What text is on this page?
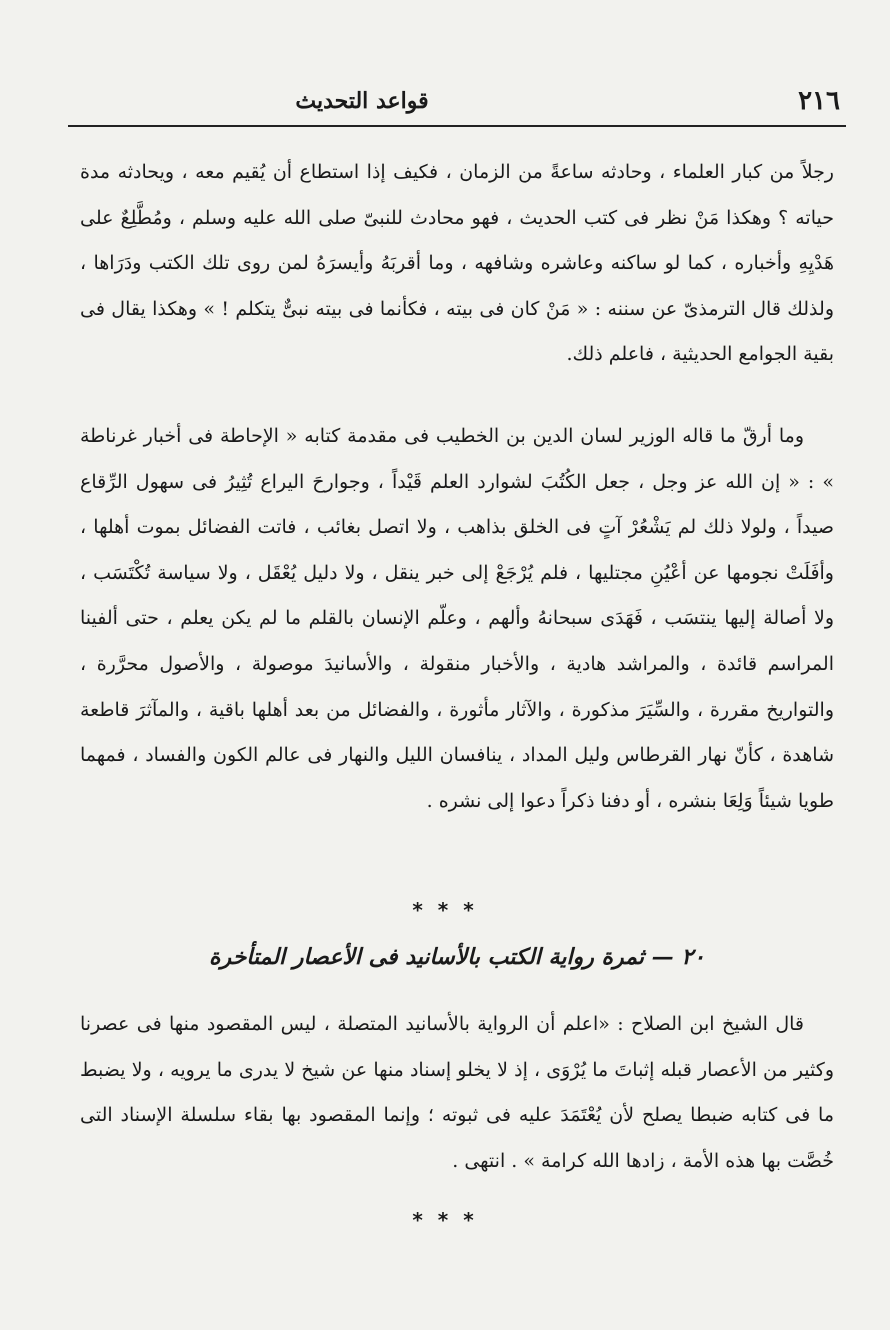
٢١٦
قواعد التحديث

رجلاً من كبار العلماء ، وحادثه ساعةً من الزمان ، فكيف إذا استطاع أن يُقيم معه ، ويحادثه مدة حياته ؟ وهكذا مَنْ نظر فى كتب الحديث ، فهو محادث للنبىّ صلى الله عليه وسلم ، ومُطَّلِعٌ على هَدْيِهِ وأخباره ، كما لو ساكنه وعاشره وشافهه ، وما أقربَهُ وأيسرَهُ لمن روى تلك الكتب ودَرَاها ، ولذلك قال الترمذىّ عن سننه : « مَنْ كان فى بيته ، فكأنما فى بيته نبىٌّ يتكلم ! » وهكذا يقال فى بقية الجوامع الحديثية ، فاعلم ذلك.

وما أرقّ ما قاله الوزير لسان الدين بن الخطيب فى مقدمة كتابه « الإحاطة فى أخبار غرناطة » : « إن الله عز وجل ، جعل الكُتُبَ لشوارد العلم قَيْداً ، وجوارحَ اليراع تُثِيرُ فى سهول الرِّقاع صيداً ، ولولا ذلك لم يَشْعُرْ آتٍ فى الخلق بذاهب ، ولا اتصل بغائب ، فاتت الفضائل بموت أهلها ، وأفَلَتْ نجومها عن أعْيُنِ مجتليها ، فلم يُرْجَعْ إلى خبر ينقل ، ولا دليل يُعْقَل ، ولا سياسة تُكْتَسَب ، ولا أصالة إليها ينتسَب ، فَهَدَى سبحانهُ وألهم ، وعلّم الإنسان بالقلم ما لم يكن يعلم ، حتى ألفينا المراسم قائدة ، والمراشد هادية ، والأخبار منقولة ، والأسانيدَ موصولة ، والأصول محرَّرة ، والتواريخ مقررة ، والسِّيَرَ مذكورة ، والآثار مأثورة ، والفضائل من بعد أهلها باقية ، والمآثرَ قاطعة شاهدة ، كأنّ نهار القرطاس وليل المداد ، ينافسان الليل والنهار فى عالم الكون والفساد ، فمهما طويا شيئاً وَلِعَا بنشره ، أو دفنا ذكراً دعوا إلى نشره .

* * *
٢٠ — ثمرة رواية الكتب بالأسانيد فى الأعصار المتأخرة

قال الشيخ ابن الصلاح : «اعلم أن الرواية بالأسانيد المتصلة ، ليس المقصود منها فى عصرنا وكثير من الأعصار قبله إثباتَ ما يُرْوَى ، إذ لا يخلو إسناد منها عن شيخ لا يدرى ما يرويه ، ولا يضبط ما فى كتابه ضبطا يصلح لأن يُعْتَمَدَ عليه فى ثبوته ؛ وإنما المقصود بها بقاء سلسلة الإسناد التى خُصَّت بها هذه الأمة ، زادها الله كرامة » . انتهى .

* * *
